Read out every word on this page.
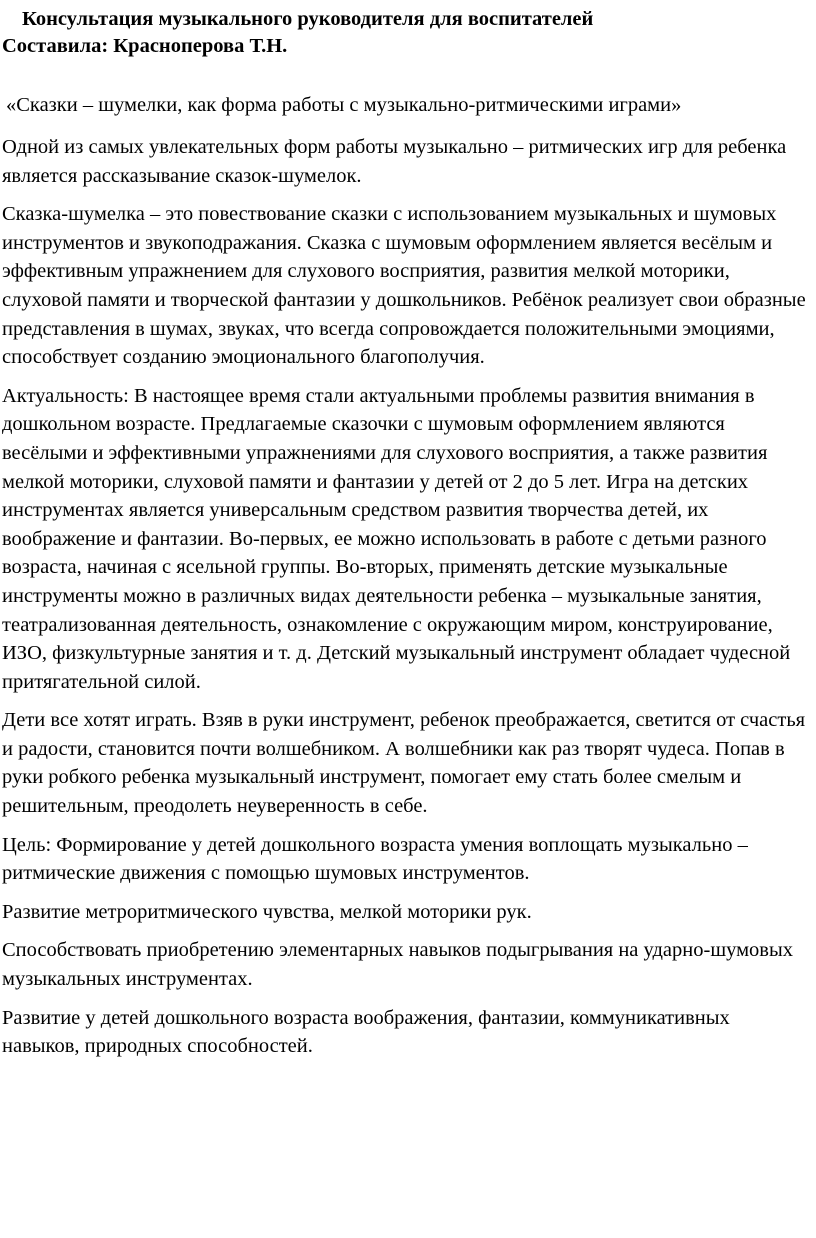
Консультация музыкального руководителя для воспитателей

Составила: Красноперова Т.Н.

«Сказки – шумелки, как форма работы с музыкально-ритмическими играми»

Одной из самых увлекательных форм работы музыкально – ритмических игр для ребенка является рассказывание сказок-шумелок.

Сказка-шумелка – это повествование сказки с использованием музыкальных и шумовых инструментов и звукоподражания. Сказка с шумовым оформлением является весёлым и эффективным упражнением для слухового восприятия, развития мелкой моторики, слуховой памяти и творческой фантазии у дошкольников. Ребёнок реализует свои образные представления в шумах, звуках, что всегда сопровождается положительными эмоциями, способствует созданию эмоционального благополучия.

Актуальность: В настоящее время стали актуальными проблемы развития внимания в дошкольном возрасте. Предлагаемые сказочки с шумовым оформлением являются весёлыми и эффективными упражнениями для слухового восприятия, а также развития мелкой моторики, слуховой памяти и фантазии у детей от 2 до 5 лет. Игра на детских инструментах является универсальным средством развития творчества детей, их воображение и фантазии. Во-первых, ее можно использовать в работе с детьми разного возраста, начиная с ясельной группы. Во-вторых, применять детские музыкальные инструменты можно в различных видах деятельности ребенка – музыкальные занятия, театрализованная деятельность, ознакомление с окружающим миром, конструирование, ИЗО, физкультурные занятия и т. д. Детский музыкальный инструмент обладает чудесной притягательной силой.

Дети все хотят играть. Взяв в руки инструмент, ребенок преображается, светится от счастья и радости, становится почти волшебником. А волшебники как раз творят чудеса. Попав в руки робкого ребенка музыкальный инструмент, помогает ему стать более смелым и решительным, преодолеть неуверенность в себе.

Цель: Формирование у детей дошкольного возраста умения воплощать музыкально – ритмические движения с помощью шумовых инструментов.

Развитие метроритмического чувства, мелкой моторики рук.

Способствовать приобретению элементарных навыков подыгрывания на ударно-шумовых музыкальных инструментах.

Развитие у детей дошкольного возраста воображения, фантазии, коммуникативных навыков, природных способностей.
